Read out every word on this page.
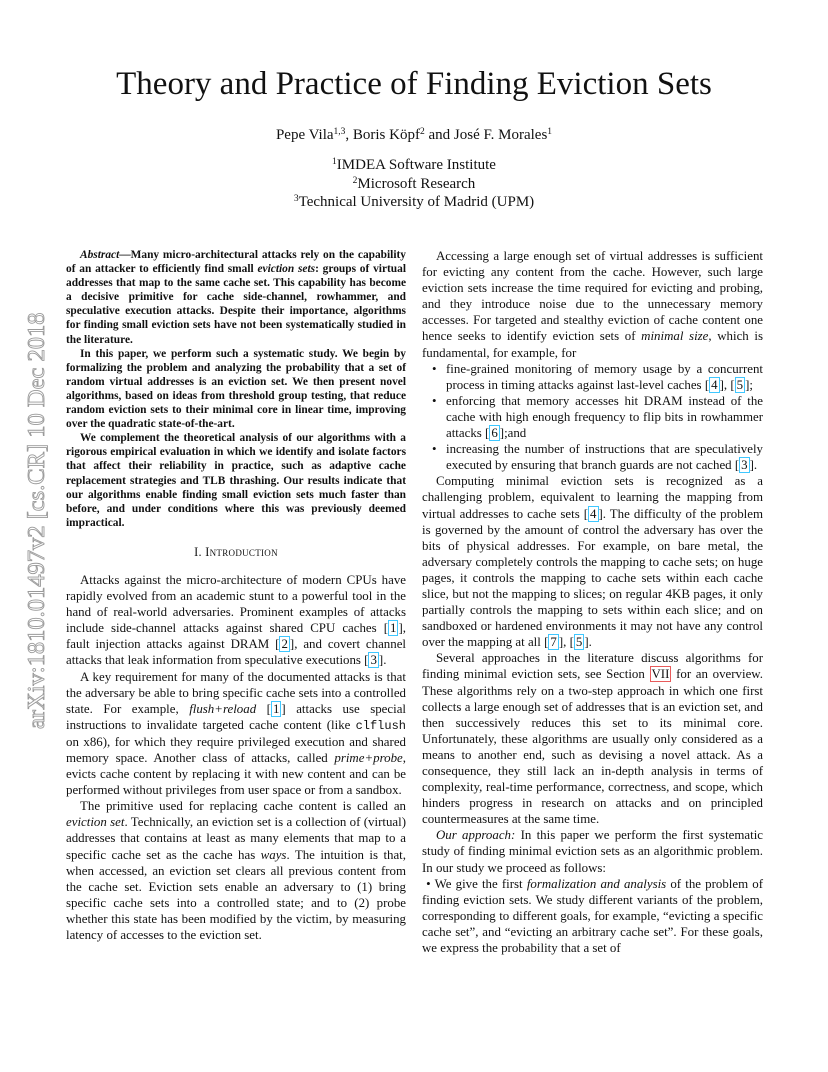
arXiv:1810.01497v2 [cs.CR] 10 Dec 2018
Theory and Practice of Finding Eviction Sets
Pepe Vila$^{1,3}$, Boris Köpf$^2$ and José F. Morales$^1$
$^1$IMDEA Software Institute
$^2$Microsoft Research
$^3$Technical University of Madrid (UPM)

Abstract—Many micro-architectural attacks rely on the capability of an attacker to efficiently find small eviction sets: groups of virtual addresses that map to the same cache set. This capability has become a decisive primitive for cache side-channel, rowhammer, and speculative execution attacks. Despite their importance, algorithms for finding small eviction sets have not been systematically studied in the literature.

In this paper, we perform such a systematic study. We begin by formalizing the problem and analyzing the probability that a set of random virtual addresses is an eviction set. We then present novel algorithms, based on ideas from threshold group testing, that reduce random eviction sets to their minimal core in linear time, improving over the quadratic state-of-the-art.

We complement the theoretical analysis of our algorithms with a rigorous empirical evaluation in which we identify and isolate factors that affect their reliability in practice, such as adaptive cache replacement strategies and TLB thrashing. Our results indicate that our algorithms enable finding small eviction sets much faster than before, and under conditions where this was previously deemed impractical.

I. Introduction

Attacks against the micro-architecture of modern CPUs have rapidly evolved from an academic stunt to a powerful tool in the hand of real-world adversaries. Prominent examples of attacks include side-channel attacks against shared CPU caches [ 1 ], fault injection attacks against DRAM [ 2 ], and covert channel attacks that leak information from speculative executions [ 3 ].

A key requirement for many of the documented attacks is that the adversary be able to bring specific cache sets into a controlled state. For example, flush+reload [ 1 ] attacks use special instructions to invalidate targeted cache content (like clflush on x86), for which they require privileged execution and shared memory space. Another class of attacks, called prime+probe, evicts cache content by replacing it with new content and can be performed without privileges from user space or from a sandbox.

The primitive used for replacing cache content is called an eviction set. Technically, an eviction set is a collection of (virtual) addresses that contains at least as many elements that map to a specific cache set as the cache has ways. The intuition is that, when accessed, an eviction set clears all previous content from the cache set. Eviction sets enable an adversary to (1) bring specific cache sets into a controlled state; and to (2) probe whether this state has been modified by the victim, by measuring latency of accesses to the eviction set.

Accessing a large enough set of virtual addresses is sufficient for evicting any content from the cache. However, such large eviction sets increase the time required for evicting and probing, and they introduce noise due to the unnecessary memory accesses. For targeted and stealthy eviction of cache content one hence seeks to identify eviction sets of minimal size, which is fundamental, for example, for

• fine-grained monitoring of memory usage by a concurrent process in timing attacks against last-level caches [ 4 ], [ 5 ];
• enforcing that memory accesses hit DRAM instead of the cache with high enough frequency to flip bits in rowhammer attacks [ 6 ];and
• increasing the number of instructions that are speculatively executed by ensuring that branch guards are not cached [ 3 ].

Computing minimal eviction sets is recognized as a challenging problem, equivalent to learning the mapping from virtual addresses to cache sets [ 4 ]. The difficulty of the problem is governed by the amount of control the adversary has over the bits of physical addresses. For example, on bare metal, the adversary completely controls the mapping to cache sets; on huge pages, it controls the mapping to cache sets within each cache slice, but not the mapping to slices; on regular 4KB pages, it only partially controls the mapping to sets within each slice; and on sandboxed or hardened environments it may not have any control over the mapping at all [ 7 ], [ 5 ].

Several approaches in the literature discuss algorithms for finding minimal eviction sets, see Section VII for an overview. These algorithms rely on a two-step approach in which one first collects a large enough set of addresses that is an eviction set, and then successively reduces this set to its minimal core. Unfortunately, these algorithms are usually only considered as a means to another end, such as devising a novel attack. As a consequence, they still lack an in-depth analysis in terms of complexity, real-time performance, correctness, and scope, which hinders progress in research on attacks and on principled countermeasures at the same time.

Our approach: In this paper we perform the first systematic study of finding minimal eviction sets as an algorithmic problem. In our study we proceed as follows:

• We give the first formalization and analysis of the problem of finding eviction sets. We study different variants of the problem, corresponding to different goals, for example, “evicting a specific cache set”, and “evicting an arbitrary cache set”. For these goals, we express the probability that a set of
